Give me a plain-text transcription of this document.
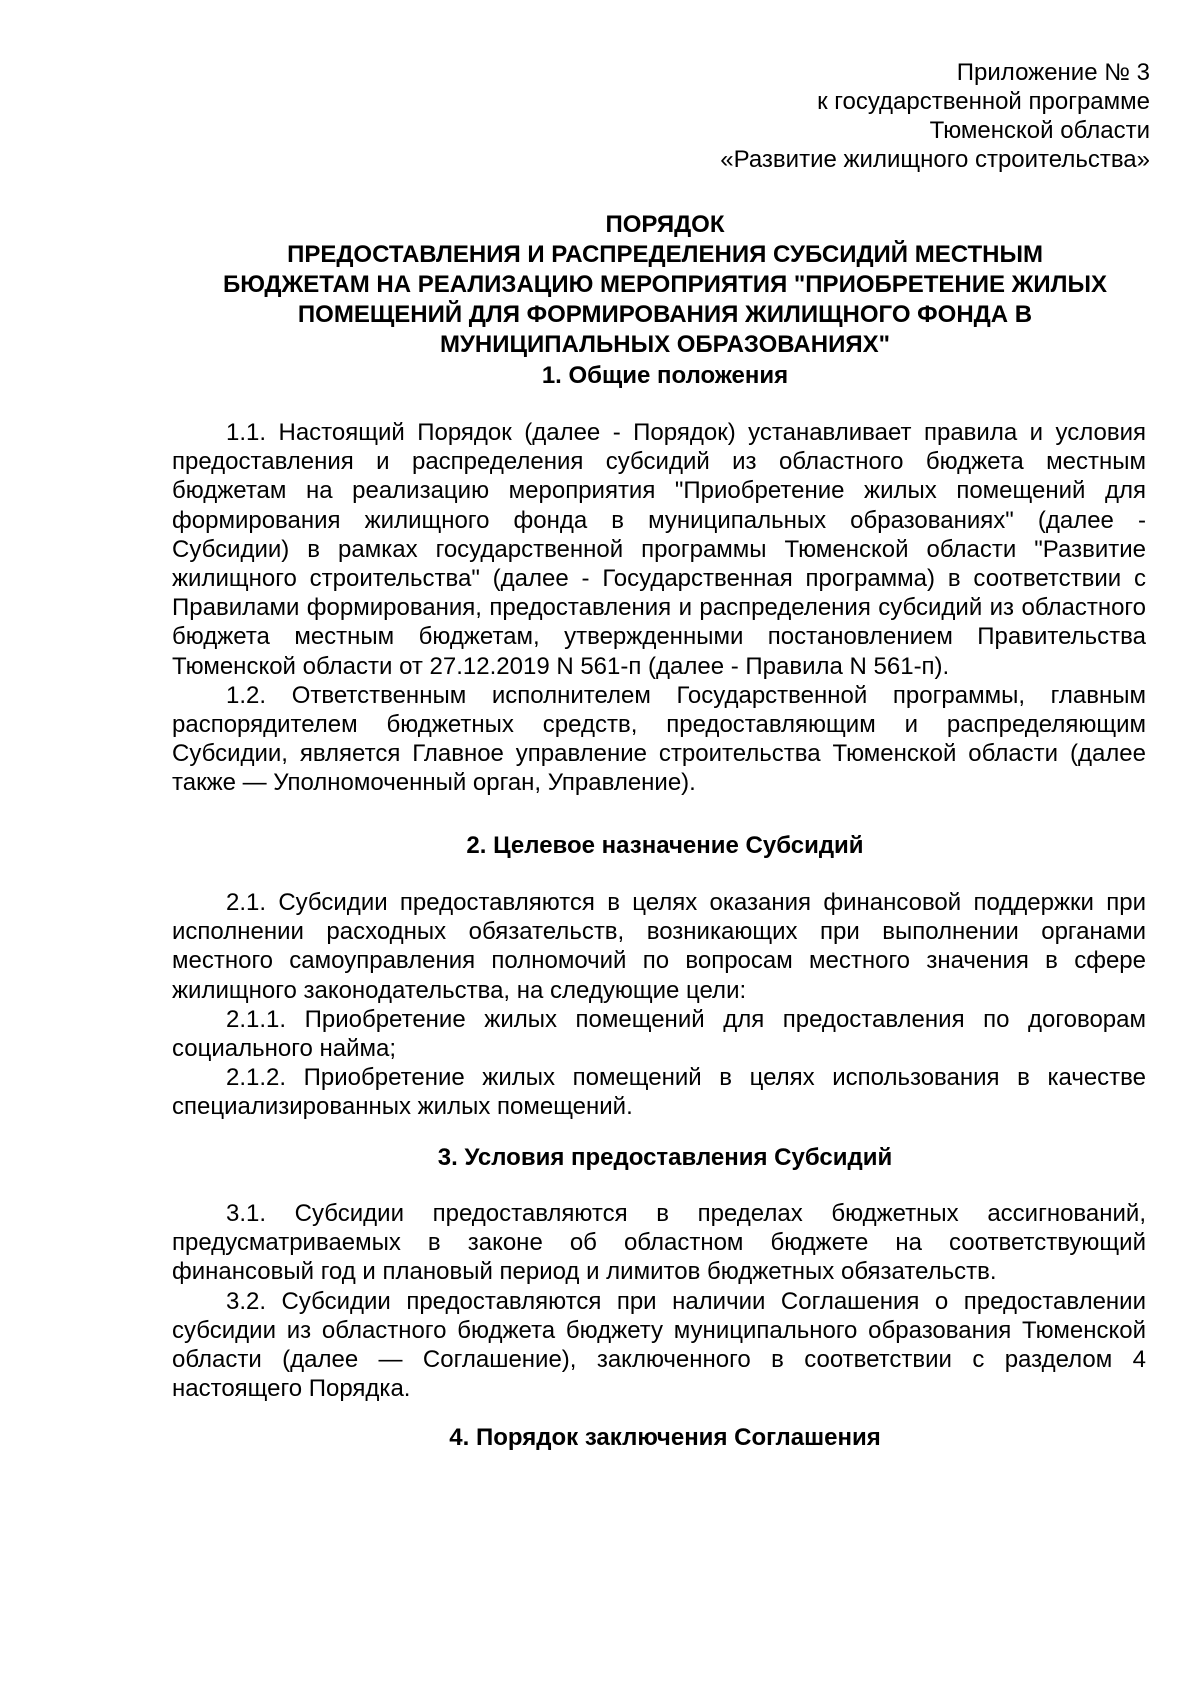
Приложение № 3
к государственной программе
Тюменской области
«Развитие жилищного строительства»
ПОРЯДОК
ПРЕДОСТАВЛЕНИЯ И РАСПРЕДЕЛЕНИЯ СУБСИДИЙ МЕСТНЫМ
БЮДЖЕТАМ НА РЕАЛИЗАЦИЮ МЕРОПРИЯТИЯ "ПРИОБРЕТЕНИЕ ЖИЛЫХ
ПОМЕЩЕНИЙ ДЛЯ ФОРМИРОВАНИЯ ЖИЛИЩНОГО ФОНДА В
МУНИЦИПАЛЬНЫХ ОБРАЗОВАНИЯХ"
1. Общие положения

1.1. Настоящий Порядок (далее - Порядок) устанавливает правила и условия предоставления и распределения субсидий из областного бюджета местным бюджетам на реализацию мероприятия "Приобретение жилых помещений для формирования жилищного фонда в муниципальных образованиях" (далее - Субсидии) в рамках государственной программы Тюменской области "Развитие жилищного строительства" (далее - Государственная программа) в соответствии с Правилами формирования, предоставления и распределения субсидий из областного бюджета местным бюджетам, утвержденными постановлением Правительства Тюменской области от 27.12.2019 N 561-п (далее - Правила N 561-п).

1.2. Ответственным исполнителем Государственной программы, главным распорядителем бюджетных средств, предоставляющим и распределяющим Субсидии, является Главное управление строительства Тюменской области (далее также — Уполномоченный орган, Управление).

2. Целевое назначение Субсидий

2.1. Субсидии предоставляются в целях оказания финансовой поддержки при исполнении расходных обязательств, возникающих при выполнении органами местного самоуправления полномочий по вопросам местного значения в сфере жилищного законодательства, на следующие цели:

2.1.1. Приобретение жилых помещений для предоставления по договорам социального найма;

2.1.2. Приобретение жилых помещений в целях использования в качестве специализированных жилых помещений.

3. Условия предоставления Субсидий

3.1. Субсидии предоставляются в пределах бюджетных ассигнований, предусматриваемых в законе об областном бюджете на соответствующий финансовый год и плановый период и лимитов бюджетных обязательств.

3.2. Субсидии предоставляются при наличии Соглашения о предоставлении субсидии из областного бюджета бюджету муниципального образования Тюменской области (далее — Соглашение), заключенного в соответствии с разделом 4 настоящего Порядка.

4. Порядок заключения Соглашения
